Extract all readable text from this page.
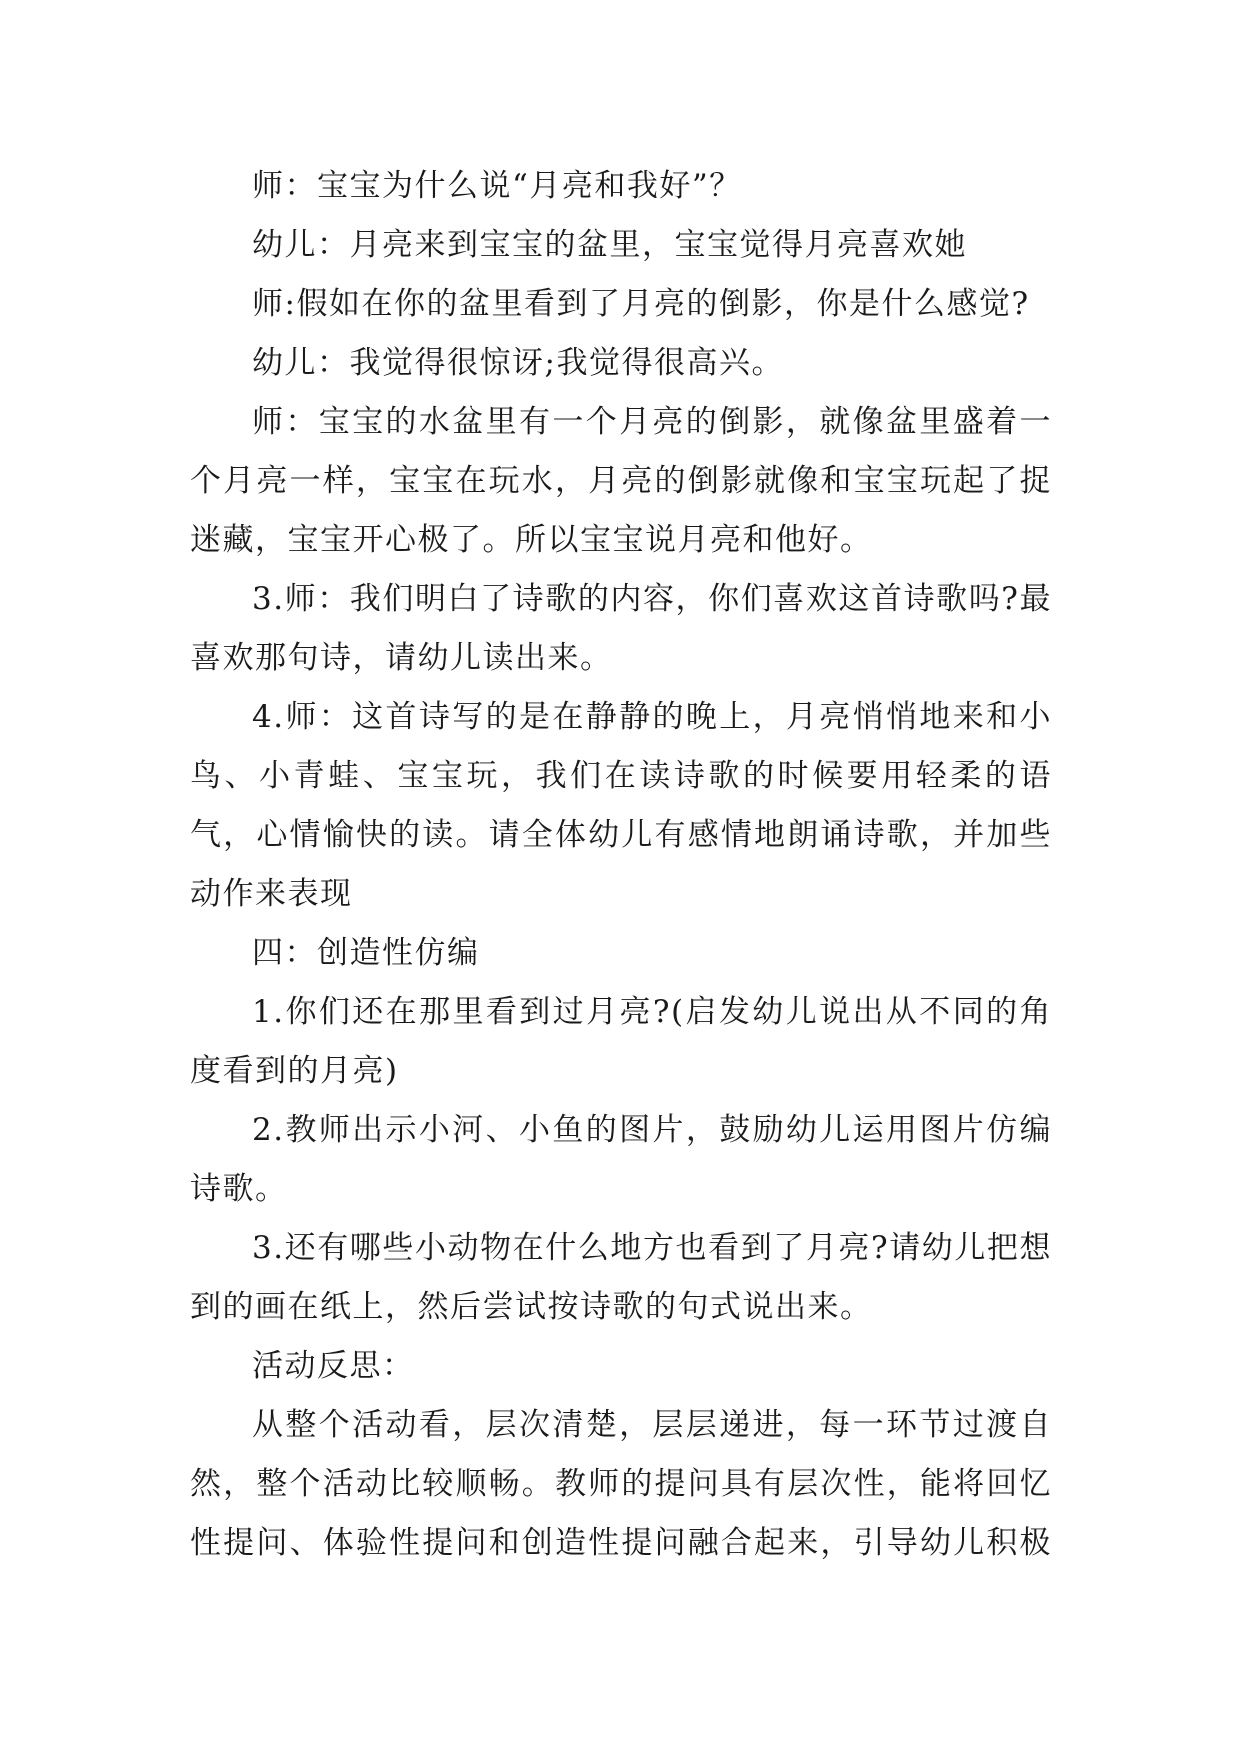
师：宝宝为什么说“月亮和我好”？

幼儿：月亮来到宝宝的盆里，宝宝觉得月亮喜欢她

师:假如在你的盆里看到了月亮的倒影，你是什么感觉?

幼儿：我觉得很惊讶;我觉得很高兴。

师：宝宝的水盆里有一个月亮的倒影，就像盆里盛着一个月亮一样，宝宝在玩水，月亮的倒影就像和宝宝玩起了捉迷藏，宝宝开心极了。所以宝宝说月亮和他好。

3.师：我们明白了诗歌的内容，你们喜欢这首诗歌吗?最喜欢那句诗，请幼儿读出来。

4.师：这首诗写的是在静静的晚上，月亮悄悄地来和小鸟、小青蛙、宝宝玩，我们在读诗歌的时候要用轻柔的语气，心情愉快的读。请全体幼儿有感情地朗诵诗歌，并加些动作来表现

四：创造性仿编

1.你们还在那里看到过月亮?(启发幼儿说出从不同的角度看到的月亮)

2.教师出示小河、小鱼的图片，鼓励幼儿运用图片仿编诗歌。

3.还有哪些小动物在什么地方也看到了月亮?请幼儿把想到的画在纸上，然后尝试按诗歌的句式说出来。

活动反思：

从整个活动看，层次清楚，层层递进，每一环节过渡自然，整个活动比较顺畅。教师的提问具有层次性，能将回忆性提问、体验性提问和创造性提问融合起来，引导幼儿积极
